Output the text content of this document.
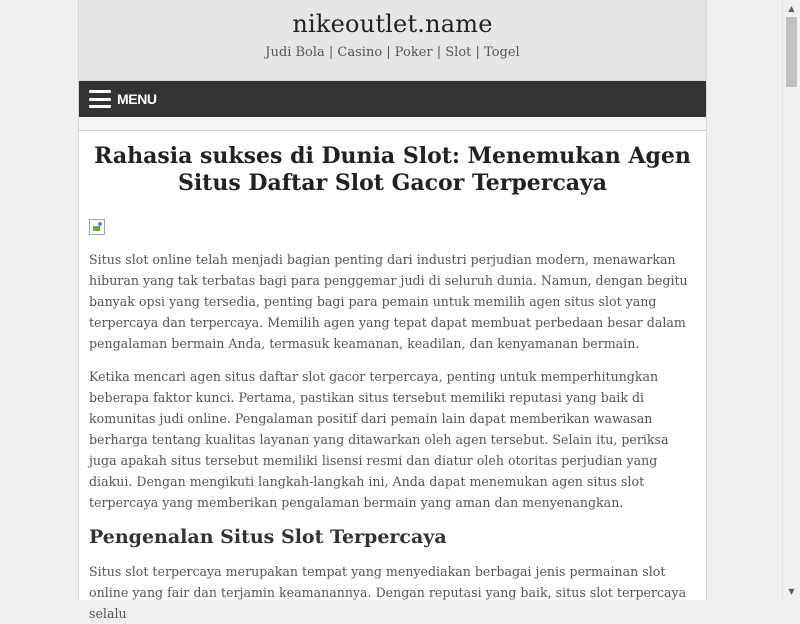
nikeoutlet.name
Judi Bola | Casino | Poker | Slot | Togel
MENU
Rahasia sukses di Dunia Slot: Menemukan Agen Situs Daftar Slot Gacor Terpercaya

Situs slot online telah menjadi bagian penting dari industri perjudian modern, menawarkan hiburan yang tak terbatas bagi para penggemar judi di seluruh dunia. Namun, dengan begitu banyak opsi yang tersedia, penting bagi para pemain untuk memilih agen situs slot yang terpercaya dan terpercaya. Memilih agen yang tepat dapat membuat perbedaan besar dalam pengalaman bermain Anda, termasuk keamanan, keadilan, dan kenyamanan bermain.

Ketika mencari agen situs daftar slot gacor terpercaya, penting untuk memperhitungkan beberapa faktor kunci. Pertama, pastikan situs tersebut memiliki reputasi yang baik di komunitas judi online. Pengalaman positif dari pemain lain dapat memberikan wawasan berharga tentang kualitas layanan yang ditawarkan oleh agen tersebut. Selain itu, periksa juga apakah situs tersebut memiliki lisensi resmi dan diatur oleh otoritas perjudian yang diakui. Dengan mengikuti langkah-langkah ini, Anda dapat menemukan agen situs slot terpercaya yang memberikan pengalaman bermain yang aman dan menyenangkan.

Pengenalan Situs Slot Terpercaya

Situs slot terpercaya merupakan tempat yang menyediakan berbagai jenis permainan slot online yang fair dan terjamin keamanannya. Dengan reputasi yang baik, situs slot terpercaya selalu

▲
▼
